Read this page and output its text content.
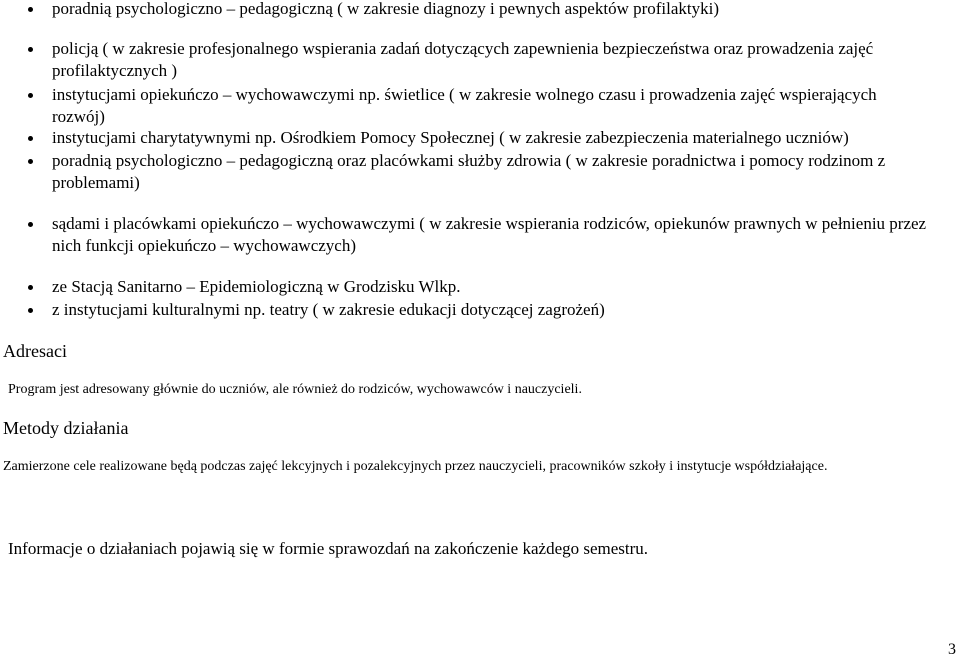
poradnią psychologiczno – pedagogiczną ( w zakresie diagnozy i pewnych aspektów profilaktyki)
policją ( w zakresie profesjonalnego wspierania zadań dotyczących zapewnienia bezpieczeństwa oraz prowadzenia zajęć profilaktycznych )
instytucjami opiekuńczo – wychowawczymi np. świetlice ( w zakresie wolnego czasu i prowadzenia zajęć wspierających rozwój)
instytucjami charytatywnymi np. Ośrodkiem Pomocy Społecznej ( w zakresie zabezpieczenia materialnego uczniów)
poradnią psychologiczno – pedagogiczną oraz placówkami służby zdrowia ( w zakresie poradnictwa i pomocy rodzinom z problemami)
sądami i placówkami opiekuńczo – wychowawczymi ( w zakresie wspierania rodziców, opiekunów prawnych w pełnieniu przez nich funkcji opiekuńczo – wychowawczych)
ze Stacją Sanitarno – Epidemiologiczną w Grodzisku Wlkp.
z instytucjami kulturalnymi np. teatry ( w zakresie edukacji dotyczącej zagrożeń)
Adresaci
Program jest adresowany głównie do uczniów, ale również do rodziców, wychowawców i nauczycieli.
Metody działania
Zamierzone cele realizowane będą podczas zajęć lekcyjnych i pozalekcyjnych przez nauczycieli, pracowników szkoły i instytucje współdziałające.
Informacje o działaniach pojawią się w formie sprawozdań na zakończenie każdego semestru.
3
